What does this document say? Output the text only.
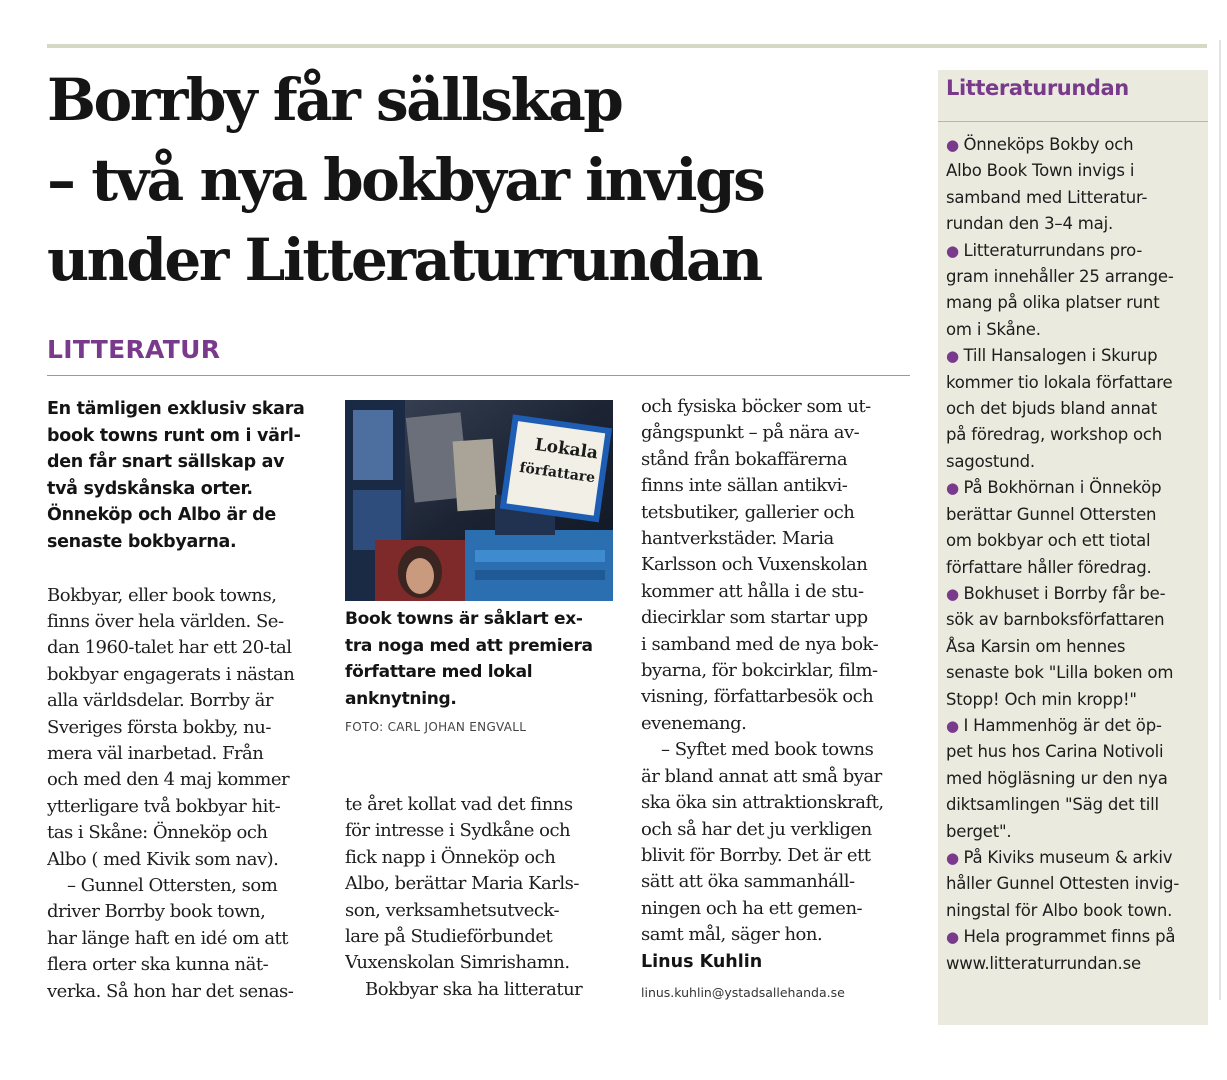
Borrby får sällskap
– två nya bokbyar invigs
under Litteraturrundan
LITTERATUR
En tämligen exklusiv skara
book towns runt om i värl-
den får snart sällskap av
två sydskånska orter.
Önneköp och Albo är de
senaste bokbyarna.
Bokbyar, eller book towns,
finns över hela världen. Se-
dan 1960-talet har ett 20-tal
bokbyar engagerats i nästan
alla världsdelar. Borrby är
Sveriges första bokby, nu-
mera väl inarbetad. Från
och med den 4 maj kommer
ytterligare två bokbyar hit-
tas i Skåne: Önneköp och
Albo ( med Kivik som nav).
– Gunnel Ottersten, som
driver Borrby book town,
har länge haft en idé om att
flera orter ska kunna nät-
verka. Så hon har det senas-
Lokala
författare
Book towns är såklart ex-
tra noga med att premiera
författare med lokal
anknytning.
FOTO: CARL JOHAN ENGVALL
te året kollat vad det finns
för intresse i Sydkåne och
fick napp i Önneköp och
Albo, berättar Maria Karls-
son, verksamhetsutveck-
lare på Studieförbundet
Vuxenskolan Simrishamn.
Bokbyar ska ha litteratur
och fysiska böcker som ut-
gångspunkt – på nära av-
stånd från bokaffärerna
finns inte sällan antikvi-
tetsbutiker, gallerier och
hantverkstäder. Maria
Karlsson och Vuxenskolan
kommer att hålla i de stu-
diecirklar som startar upp
i samband med de nya bok-
byarna, för bokcirklar, film-
visning, författarbesök och
evenemang.
– Syftet med book towns
är bland annat att små byar
ska öka sin attraktionskraft,
och så har det ju verkligen
blivit för Borrby. Det är ett
sätt att öka sammanháll-
ningen och ha ett gemen-
samt mål, säger hon.
Linus Kuhlin
linus.kuhlin@ystadsallehanda.se
Litteraturundan
● Önneköps Bokby och
Albo Book Town invigs i
samband med Litteratur-
rundan den 3–4 maj.
● Litteraturrundans pro-
gram innehåller 25 arrange-
mang på olika platser runt
om i Skåne.
● Till Hansalogen i Skurup
kommer tio lokala författare
och det bjuds bland annat
på föredrag, workshop och
sagostund.
● På Bokhörnan i Önneköp
berättar Gunnel Ottersten
om bokbyar och ett tiotal
författare håller föredrag.
● Bokhuset i Borrby får be-
sök av barnboksförfattaren
Åsa Karsin om hennes
senaste bok "Lilla boken om
Stopp! Och min kropp!"
● I Hammenhög är det öp-
pet hus hos Carina Notivoli
med högläsning ur den nya
diktsamlingen "Säg det till
berget".
● På Kiviks museum & arkiv
håller Gunnel Ottesten invig-
ningstal för Albo book town.
● Hela programmet finns på
www.litteraturrundan.se
